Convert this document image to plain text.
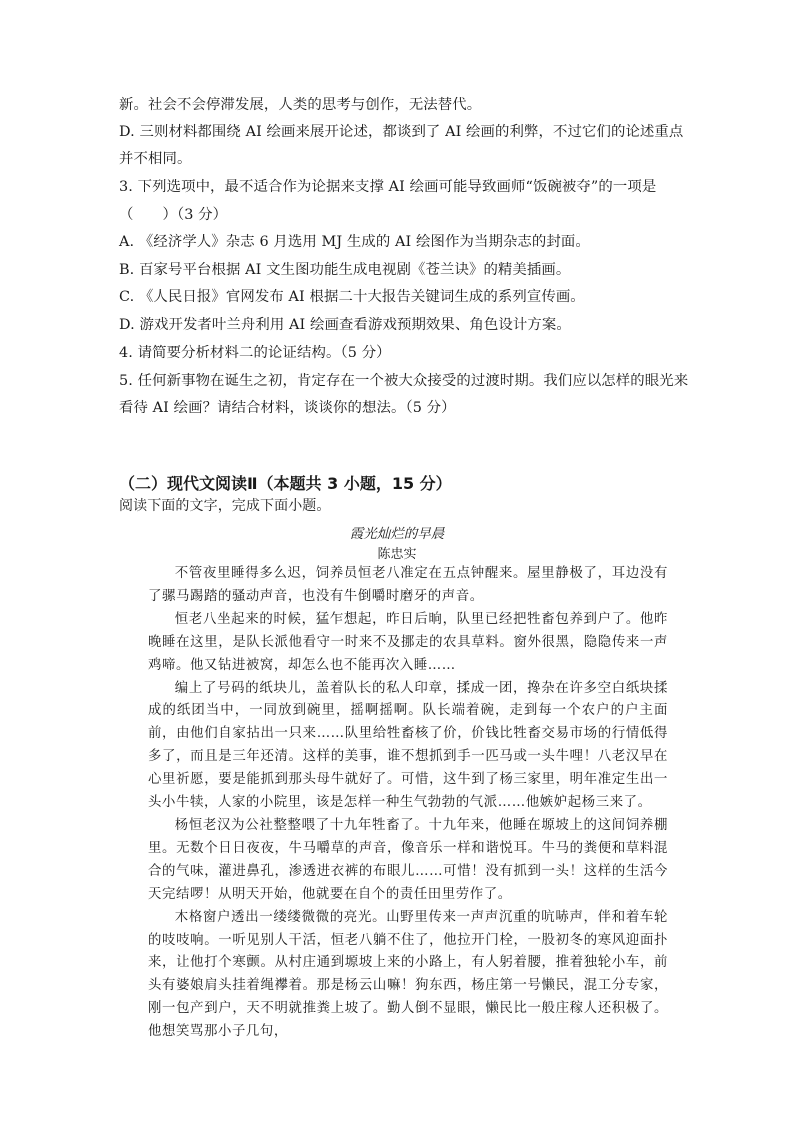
新。社会不会停滞发展，人类的思考与创作，无法替代。
D. 三则材料都围绕 AI 绘画来展开论述，都谈到了 AI 绘画的利弊，不过它们的论述重点
并不相同。
3. 下列选项中，最不适合作为论据来支撑 AI 绘画可能导致画师“饭碗被夺”的一项是
（　　）（3 分）
A. 《经济学人》杂志 6 月选用 MJ 生成的 AI 绘图作为当期杂志的封面。
B. 百家号平台根据 AI 文生图功能生成电视剧《苍兰诀》的精美插画。
C. 《人民日报》官网发布 AI 根据二十大报告关键词生成的系列宣传画。
D. 游戏开发者叶兰舟利用 AI 绘画查看游戏预期效果、角色设计方案。
4. 请简要分析材料二的论证结构。（5 分）
5. 任何新事物在诞生之初，肯定存在一个被大众接受的过渡时期。我们应以怎样的眼光来
看待 AI 绘画？请结合材料，谈谈你的想法。（5 分）
（二）现代文阅读Ⅱ（本题共 3 小题，15 分）
阅读下面的文字，完成下面小题。
霞光灿烂的早晨
陈忠实

不管夜里睡得多么迟，饲养员恒老八准定在五点钟醒来。屋里静极了，耳边没有了骡马踢踏的骚动声音，也没有牛倒嚼时磨牙的声音。

恒老八坐起来的时候，猛乍想起，昨日后晌，队里已经把牲畜包养到户了。他昨晚睡在这里，是队长派他看守一时来不及挪走的农具草料。窗外很黑，隐隐传来一声鸡啼。他又钻进被窝，却怎么也不能再次入睡……

编上了号码的纸块儿，盖着队长的私人印章，揉成一团，搀杂在许多空白纸块揉成的纸团当中，一同放到碗里，摇啊摇啊。队长端着碗，走到每一个农户的户主面前，由他们自家拈出一只来……队里给牲畜核了价，价钱比牲畜交易市场的行情低得多了，而且是三年还清。这样的美事，谁不想抓到手一匹马或一头牛哩！八老汉早在心里祈愿，要是能抓到那头母牛就好了。可惜，这牛到了杨三家里，明年准定生出一头小牛犊，人家的小院里，该是怎样一种生气勃勃的气派……他嫉妒起杨三来了。

杨恒老汉为公社整整喂了十九年牲畜了。十九年来，他睡在塬坡上的这间饲养棚里。无数个日日夜夜，牛马嚼草的声音，像音乐一样和谐悦耳。牛马的粪便和草料混合的气味，灌进鼻孔，渗透进衣裤的布眼儿……可惜！没有抓到一头！这样的生活今天完结啰！从明天开始，他就要在自个的责任田里劳作了。

木格窗户透出一缕缕微微的亮光。山野里传来一声声沉重的吭哧声，伴和着车轮的吱吱响。一听见别人干活，恒老八躺不住了，他拉开门栓，一股初冬的寒风迎面扑来，让他打个寒颤。从村庄通到塬坡上来的小路上，有人躬着腰，推着独轮小车，前头有婆娘肩头挂着绳襻着。那是杨云山嘛！狗东西，杨庄第一号懒民，混工分专家，刚一包产到户，天不明就推粪上坡了。勤人倒不显眼，懒民比一般庄稼人还积极了。他想笑骂那小子几句，
